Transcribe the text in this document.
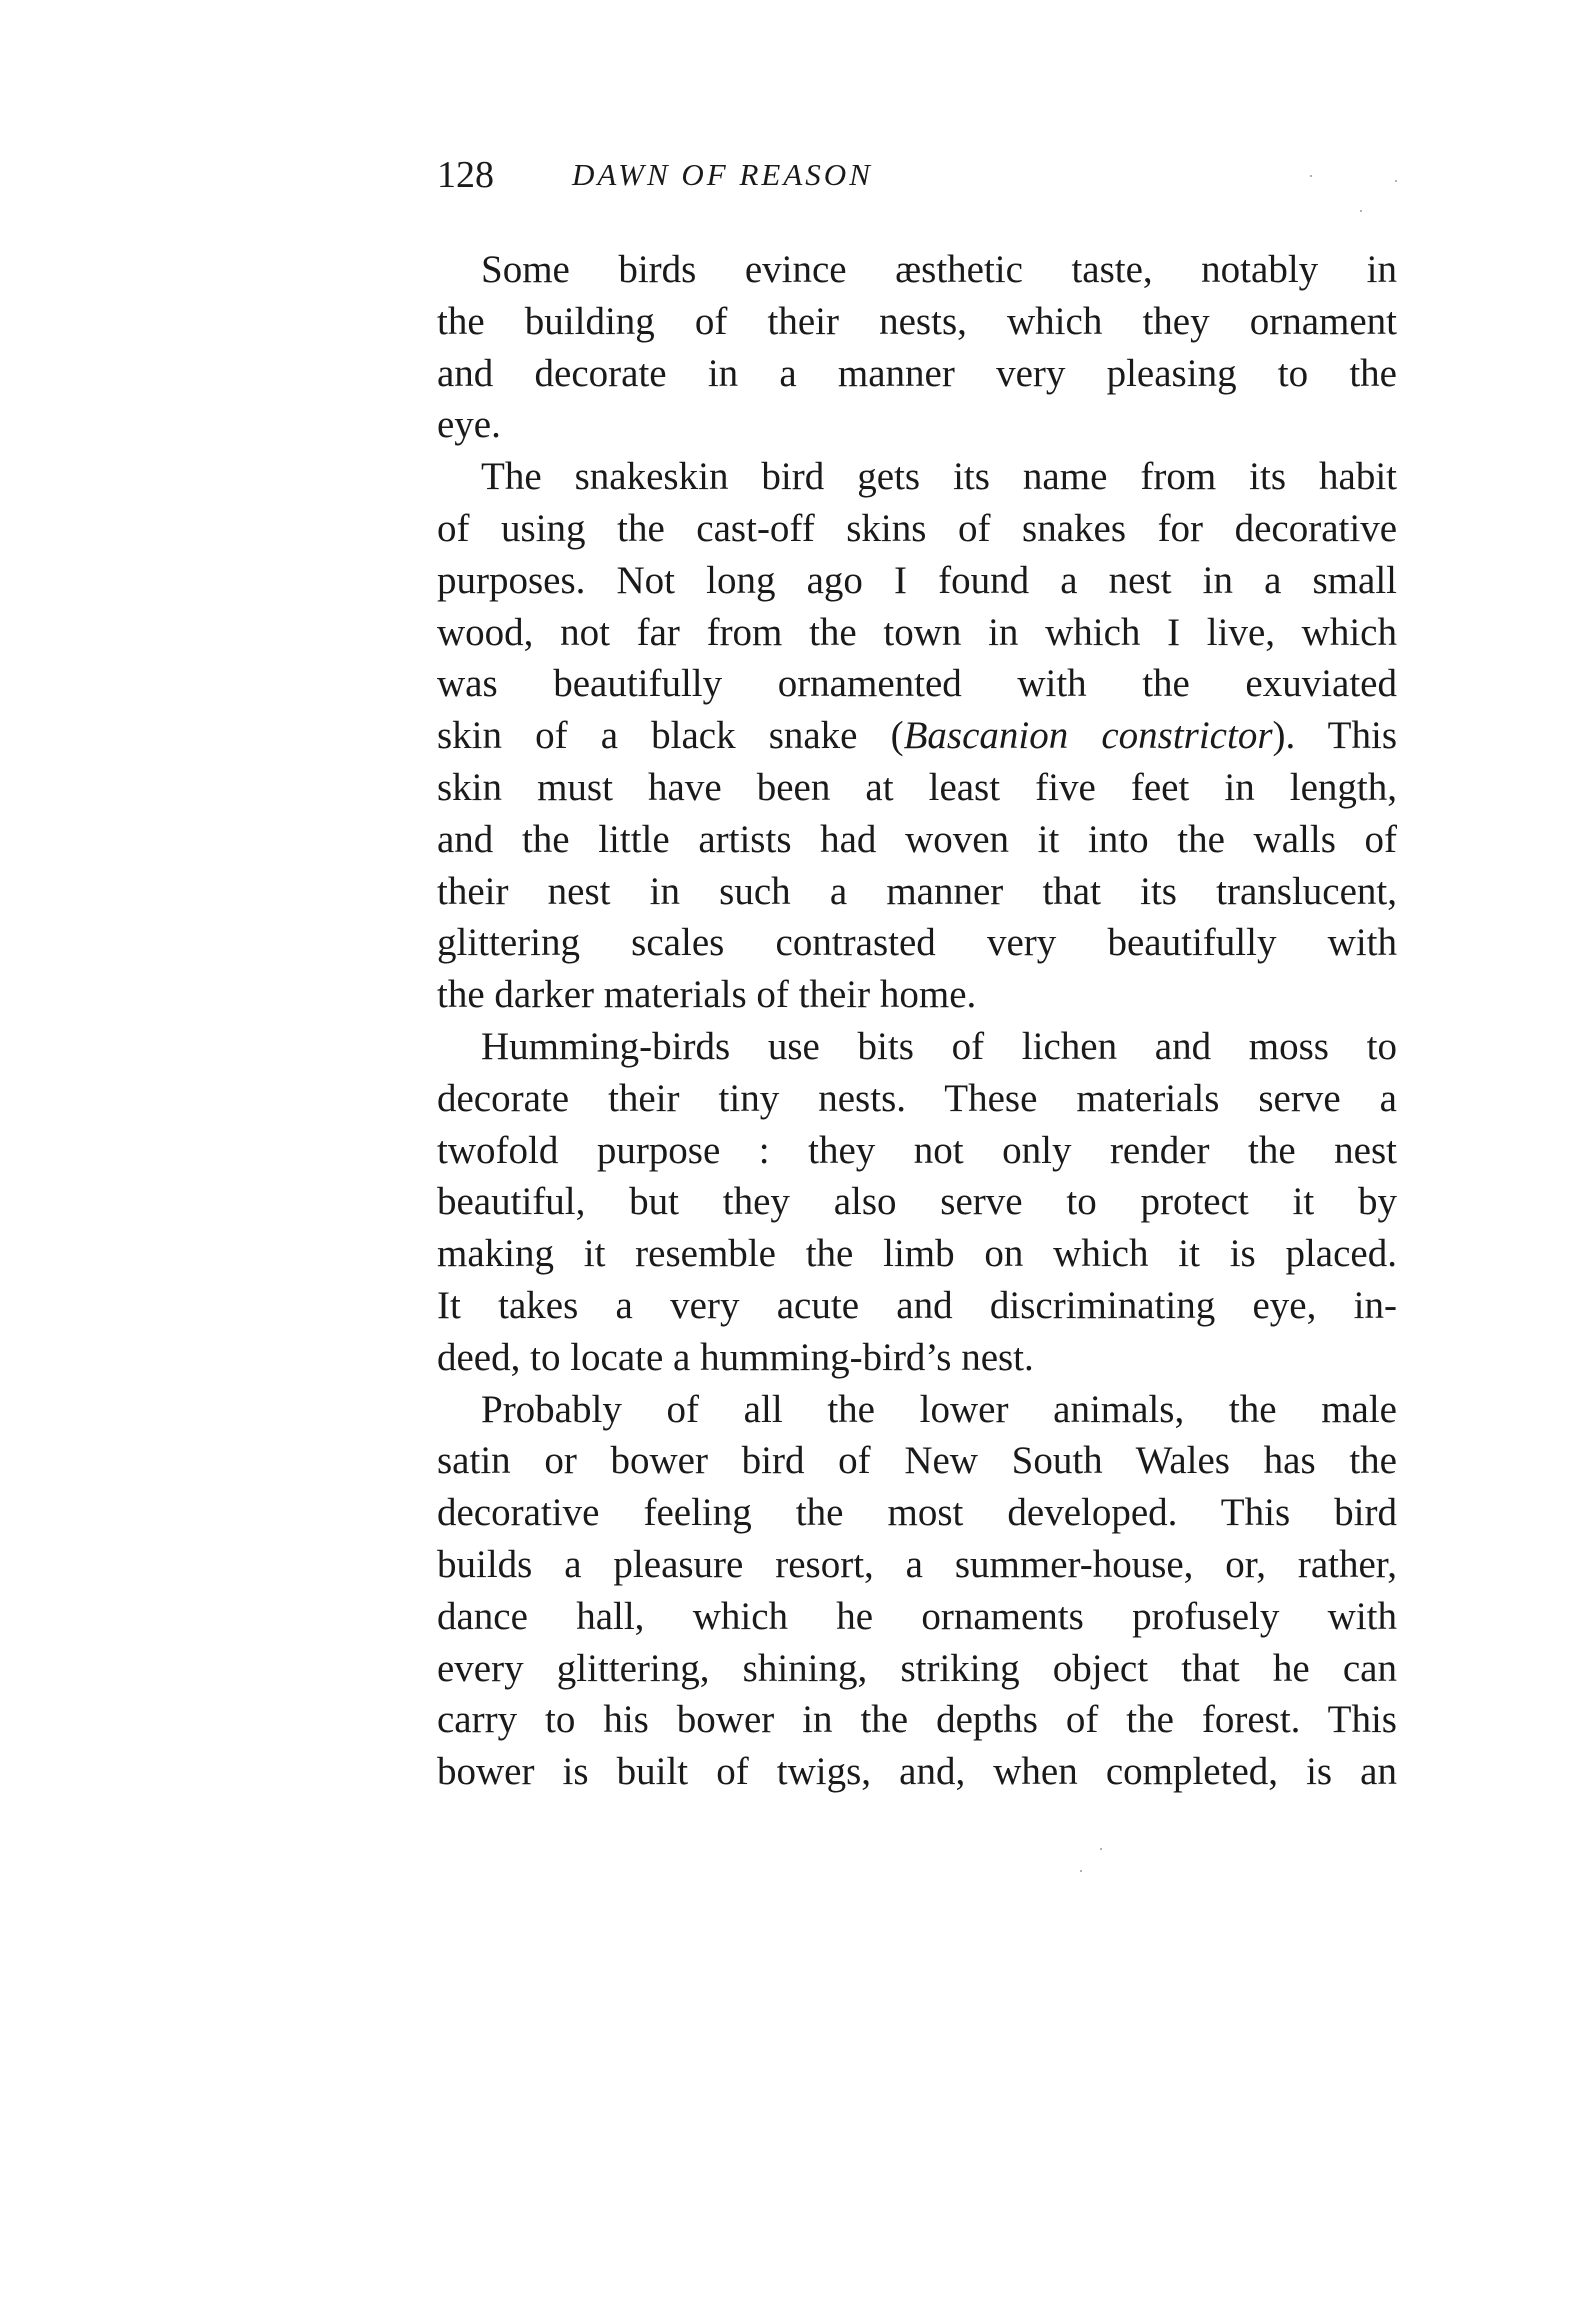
128	DAWN OF REASON
Some birds evince æsthetic taste, notably in
the building of their nests, which they ornament
and decorate in a manner very pleasing to the
eye.
The snakeskin bird gets its name from its habit
of using the cast-off skins of snakes for decorative
purposes. Not long ago I found a nest in a small
wood, not far from the town in which I live, which
was beautifully ornamented with the exuviated
skin of a black snake (Bascanion constrictor). This
skin must have been at least five feet in length,
and the little artists had woven it into the walls of
their nest in such a manner that its translucent,
glittering scales contrasted very beautifully with
the darker materials of their home.
Humming-birds use bits of lichen and moss to
decorate their tiny nests. These materials serve a
twofold purpose : they not only render the nest
beautiful, but they also serve to protect it by
making it resemble the limb on which it is placed.
It takes a very acute and discriminating eye, in-
deed, to locate a humming-bird’s nest.
Probably of all the lower animals, the male
satin or bower bird of New South Wales has the
decorative feeling the most developed. This bird
builds a pleasure resort, a summer-house, or, rather,
dance hall, which he ornaments profusely with
every glittering, shining, striking object that he can
carry to his bower in the depths of the forest. This
bower is built of twigs, and, when completed, is an
